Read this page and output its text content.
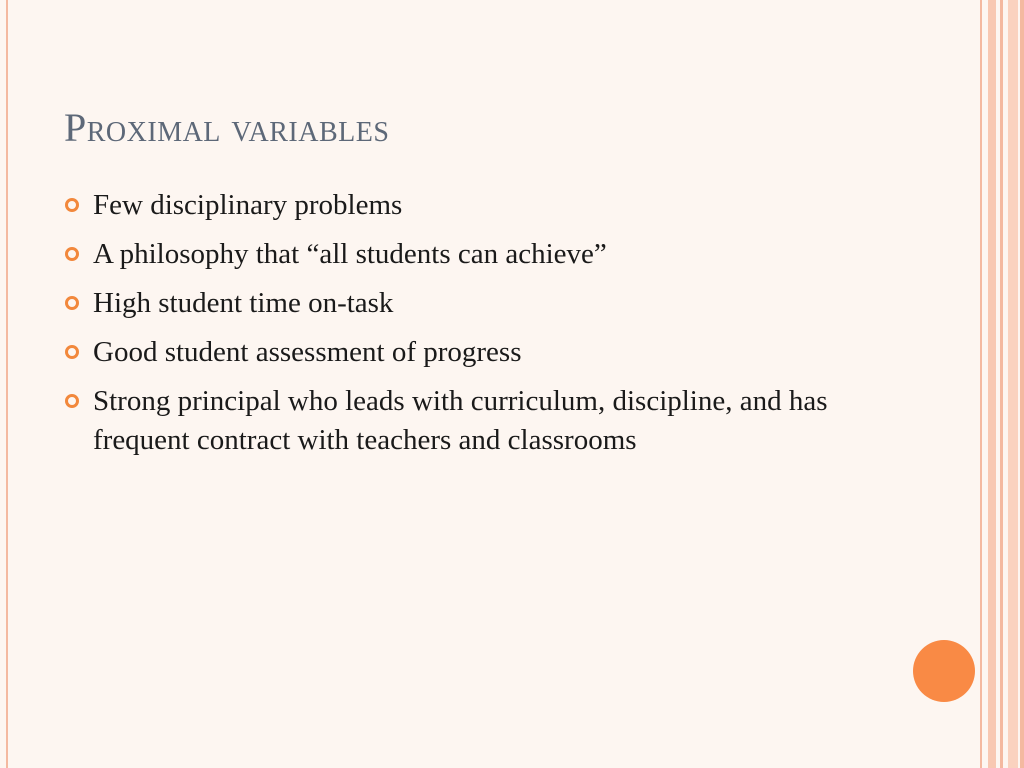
Proximal variables
Few disciplinary problems
A philosophy that “all students can achieve”
High student time on-task
Good student assessment of progress
Strong principal who leads with curriculum, discipline, and has frequent contract with teachers and classrooms
